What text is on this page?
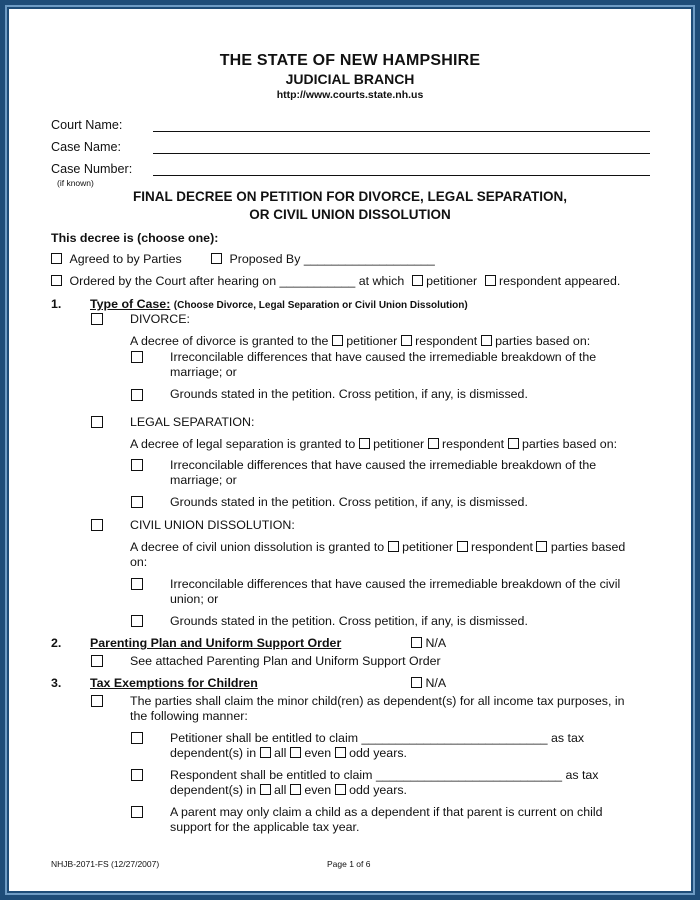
THE STATE OF NEW HAMPSHIRE
JUDICIAL BRANCH
http://www.courts.state.nh.us
Court Name:
Case Name:
Case Number:
(if known)
FINAL DECREE ON PETITION FOR DIVORCE, LEGAL SEPARATION,
OR CIVIL UNION DISSOLUTION
This decree is (choose one):
Agreed to by Parties	Proposed By ___________________
Ordered by the Court after hearing on ___________ at which petitioner respondent appeared.
1. Type of Case: (Choose Divorce, Legal Separation or Civil Union Dissolution)
DIVORCE:
A decree of divorce is granted to the petitioner respondent parties based on:
Irreconcilable differences that have caused the irremediable breakdown of the
marriage; or
Grounds stated in the petition. Cross petition, if any, is dismissed.
LEGAL SEPARATION:
A decree of legal separation is granted to petitioner respondent parties based on:
Irreconcilable differences that have caused the irremediable breakdown of the
marriage; or
Grounds stated in the petition. Cross petition, if any, is dismissed.
CIVIL UNION DISSOLUTION:
A decree of civil union dissolution is granted to petitioner respondent parties based
on:
Irreconcilable differences that have caused the irremediable breakdown of the civil
union; or
Grounds stated in the petition. Cross petition, if any, is dismissed.
2. Parenting Plan and Uniform Support Order	N/A
See attached Parenting Plan and Uniform Support Order
3. Tax Exemptions for Children	N/A
The parties shall claim the minor child(ren) as dependent(s) for all income tax purposes, in
the following manner:
Petitioner shall be entitled to claim ___________________________ as tax
dependent(s) in all even odd years.
Respondent shall be entitled to claim ___________________________ as tax
dependent(s) in all even odd years.
A parent may only claim a child as a dependent if that parent is current on child
support for the applicable tax year.
NHJB-2071-FS (12/27/2007)	Page 1 of 6
